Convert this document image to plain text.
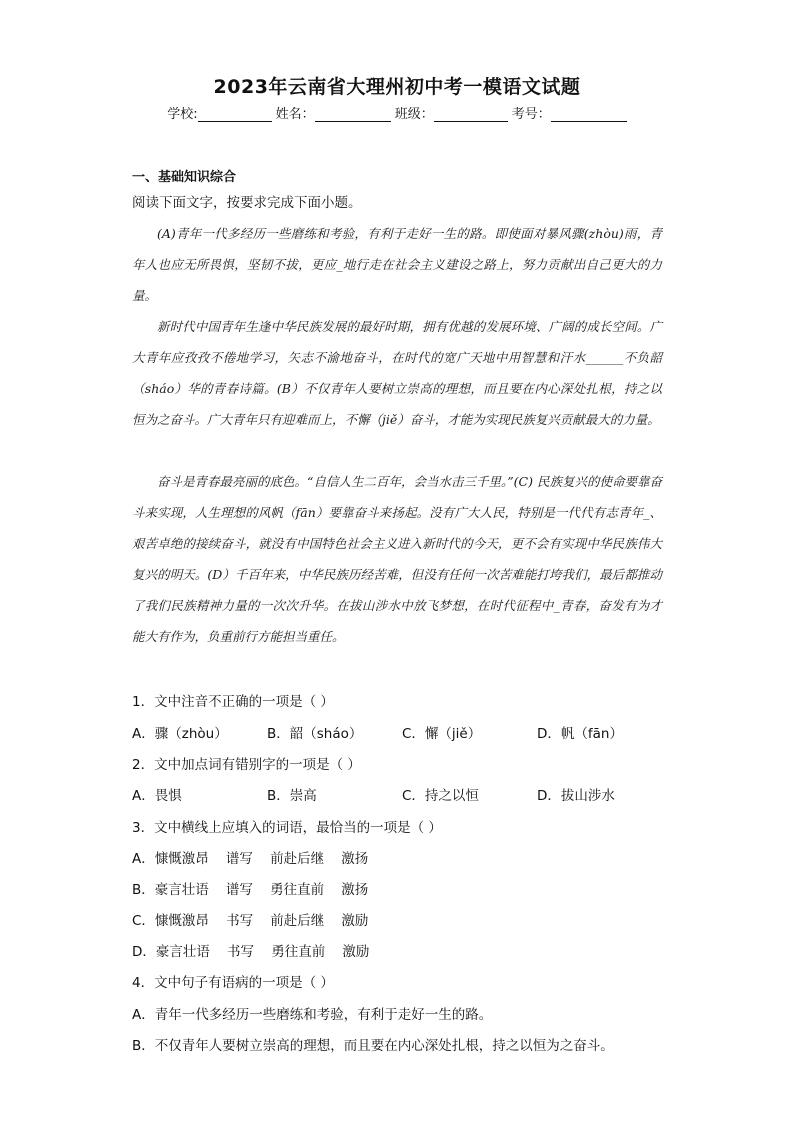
2023年云南省大理州初中考一模语文试题
学校:	姓名：	班级：	考号：
一、基础知识综合
阅读下面文字，按要求完成下面小题。

(A)青年一代多经历一些磨练和考验，有利于走好一生的路。即使面对暴风骤(zhòu)雨，青年人也应无所畏惧，坚韧不拔，更应_地行走在社会主义建设之路上，努力贡献出自己更大的力量。

新时代中国青年生逢中华民族发展的最好时期，拥有优越的发展环境、广阔的成长空间。广大青年应孜孜不倦地学习，矢志不渝地奋斗，在时代的宽广天地中用智慧和汗水______不负韶（sháo）华的青春诗篇。(B）不仅青年人要树立崇高的理想，而且要在内心深处扎根，持之以恒为之奋斗。广大青年只有迎难而上，不懈（jiě）奋斗，才能为实现民族复兴贡献最大的力量。

奋斗是青春最亮丽的底色。“自信人生二百年，会当水击三千里。”(C) 民族复兴的使命要靠奋斗来实现，人生理想的风帆（fān）要靠奋斗来扬起。没有广大人民，特别是一代代有志青年_、艰苦卓绝的接续奋斗，就没有中国特色社会主义进入新时代的今天，更不会有实现中华民族伟大复兴的明天。(D）千百年来，中华民族历经苦难，但没有任何一次苦难能打垮我们，最后都推动了我们民族精神力量的一次次升华。在拔山涉水中放飞梦想，在时代征程中_青春，奋发有为才能大有作为，负重前行方能担当重任。

1．文中注音不正确的一项是（ ）
A．骤（zhòu）	B．韶（sháo）	C．懈（jiě）	D．帆（fān）
2．文中加点词有错别字的一项是（ ）
A．畏惧	B．崇高	C．持之以恒	D．拔山涉水
3．文中横线上应填入的词语，最恰当的一项是（ ）
A．慷慨激昂    谱写    前赴后继    激扬
B．豪言壮语    谱写    勇往直前    激扬
C．慷慨激昂    书写    前赴后继    激励
D．豪言壮语    书写    勇往直前    激励
4．文中句子有语病的一项是（ ）
A．青年一代多经历一些磨练和考验，有利于走好一生的路。
B．不仅青年人要树立崇高的理想，而且要在内心深处扎根，持之以恒为之奋斗。
